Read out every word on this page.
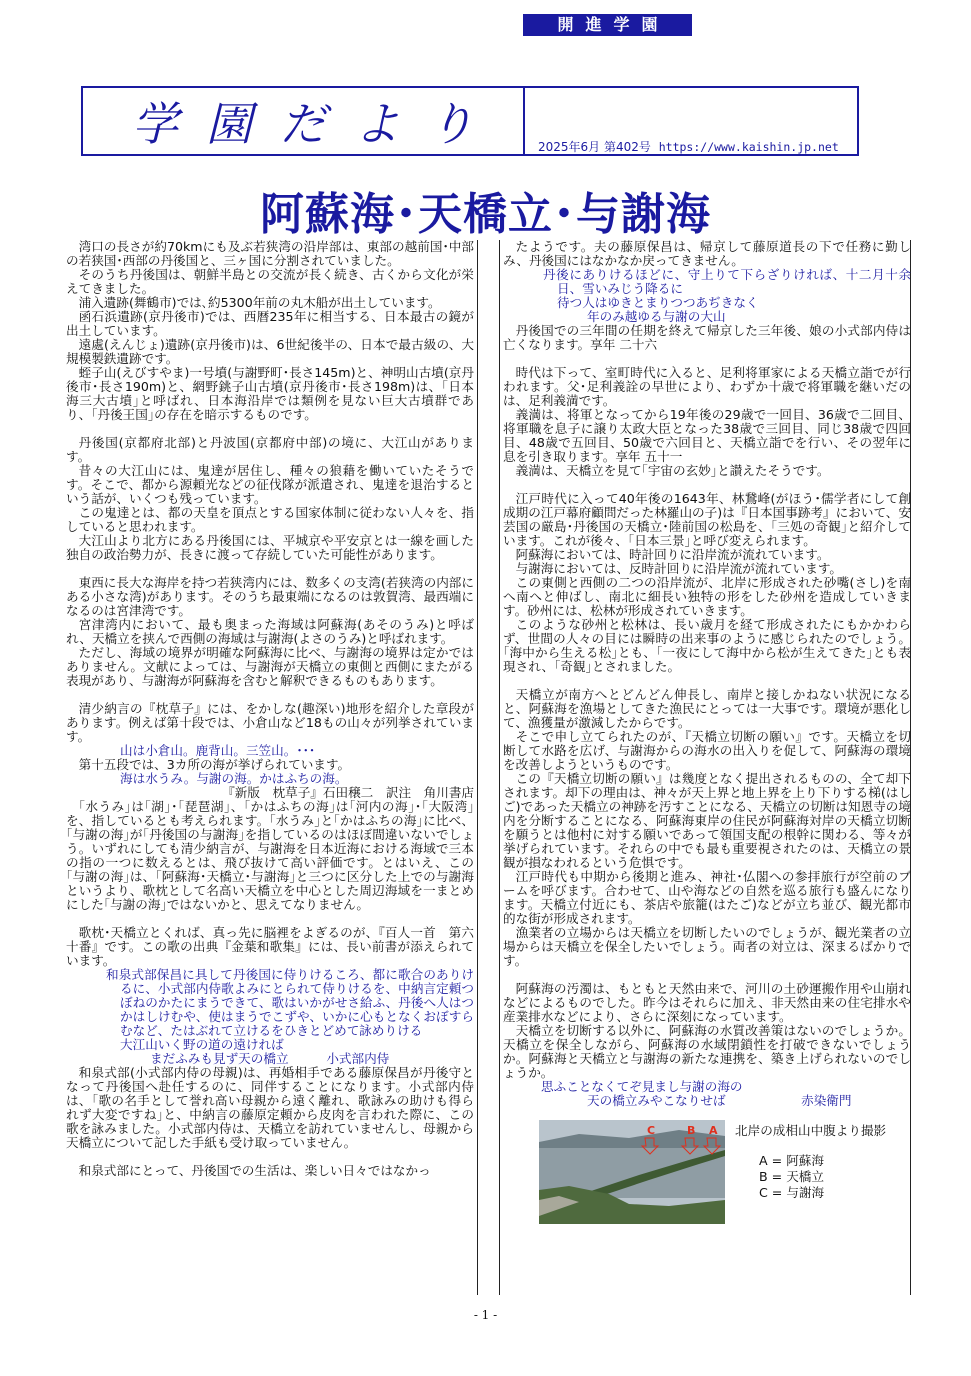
学園だより
開進学園
2025年6月 第402号 https://www.kaishin.jp.net
阿蘇海･天橋立･与謝海

湾口の長さが約70kmにも及ぶ若狭湾の沿岸部は、東部の越前国･中部の若狭国･西部の丹後国と、三ヶ国に分割されていました。

そのうち丹後国は、朝鮮半島との交流が長く続き、古くから文化が栄えてきました。

浦入遺跡(舞鶴市)では､約5300年前の丸木船が出土しています。

函石浜遺跡(京丹後市)では、西暦235年に相当する、日本最古の鏡が出土しています。

遠處(えんじょ)遺跡(京丹後市)は、6世紀後半の、日本で最古級の、大規模製鉄遺跡です。

蛭子山(えびすやま)一号墳(与謝野町･長さ145m)と、神明山古墳(京丹後市･長さ190m)と、網野銚子山古墳(京丹後市･長さ198m)は、｢日本海三大古墳｣と呼ばれ、日本海沿岸では類例を見ない巨大古墳群であり、｢丹後王国｣の存在を暗示するものです。

丹後国(京都府北部)と丹波国(京都府中部)の境に、大江山があります。

昔々の大江山には、鬼達が居住し、種々の狼藉を働いていたそうです。そこで、都から源頼光などの征伐隊が派遣され、鬼達を退治するという話が、いくつも残っています。

この鬼達とは、都の天皇を頂点とする国家体制に従わない人々を、指していると思われます。

大江山より北方にある丹後国には、平城京や平安京とは一線を画した独自の政治勢力が、長きに渡って存続していた可能性があります。

東西に長大な海岸を持つ若狭湾内には、数多くの支湾(若狭湾の内部にある小さな湾)があります。そのうち最東端になるのは敦賀湾、最西端になるのは宮津湾です。

宮津湾内において、最も奥まった海域は阿蘇海(あそのうみ)と呼ばれ、天橋立を挟んで西側の海域は与謝海(よさのうみ)と呼ばれます。

ただし、海域の境界が明確な阿蘇海に比べ、与謝海の境界は定かではありません。文献によっては、与謝海が天橋立の東側と西側にまたがる表現があり、与謝海が阿蘇海を含むと解釈できるものもあります。

清少納言の『枕草子』には、をかしな(趣深い)地形を紹介した章段があります。例えば第十段では、小倉山など18もの山々が列挙されています。

山は小倉山。鹿背山。三笠山。･･･

第十五段では、3カ所の海が挙げられています。

海は水うみ。与謝の海。かはふちの海。

『新版　枕草子』石田穣二　訳注　角川書店

｢水うみ｣は｢湖｣･｢琵琶湖｣、｢かはふちの海｣は｢河内の海｣･｢大阪湾｣を、指しているとも考えられます。｢水うみ｣と｢かはふちの海｣に比べ、｢与謝の海｣が｢丹後国の与謝海｣を指しているのはほぼ間違いないでしょう。いずれにしても清少納言が、与謝海を日本近海における海域で三本の指の一つに数えるとは、飛び抜けて高い評価です。とはいえ、この｢与謝の海｣は、｢阿蘇海･天橋立･与謝海｣と三つに区分した上での与謝海というより、歌枕として名高い天橋立を中心とした周辺海域を一まとめにした｢与謝の海｣ではないかと、思えてなりません。

歌枕･天橋立とくれば、真っ先に脳裡をよぎるのが、『百人一首　第六十番』です。この歌の出典『金葉和歌集』には、長い前書が添えられています。

和泉式部保昌に具して丹後国に侍りけるころ、都に歌合のありけるに、小式部内侍歌よみにとられて侍りけるを、中納言定頼つぼねのかたにまうできて、歌はいかがせさ給ふ、丹後へ人はつかはしけむや、使はまうでこずや、いかに心もとなくおぼすらむなど、たはぶれて立けるをひきとどめて詠めりける

大江山いく野の道の遠ければ

まだふみも見ず天の橋立　　　小式部内侍

和泉式部(小式部内侍の母親)は、再婚相手である藤原保昌が丹後守となって丹後国へ赴任するのに、同伴することになります。小式部内侍は、｢歌の名手として誉れ高い母親から遠く離れ、歌詠みの助けも得られず大変ですね｣と、中納言の藤原定頼から皮肉を言われた際に、この歌を詠みました。小式部内侍は、天橋立を訪れていませんし、母親から天橋立について記した手紙も受け取っていません。

和泉式部にとって、丹後国での生活は、楽しい日々ではなかっ

たようです。夫の藤原保昌は、帰京して藤原道長の下で任務に勤しみ、丹後国にはなかなか戻ってきません。

丹後にありけるほどに、守上りて下らざりければ、十二月十余日、雪いみじう降るに

待つ人はゆきとまりつつあぢきなく

年のみ越ゆる与謝の大山

丹後国での三年間の任期を終えて帰京した三年後、娘の小式部内侍は亡くなります。享年 二十六

時代は下って、室町時代に入ると、足利将軍家による天橋立詣でが行われます。父･足利義詮の早世により、わずか十歳で将軍職を継いだのは、足利義満です。

義満は、将軍となってから19年後の29歳で一回目、36歳で二回目、将軍職を息子に譲り太政大臣となった38歳で三回目、同じ38歳で四回目、48歳で五回目、50歳で六回目と、天橋立詣でを行い、その翌年に息を引き取ります。享年 五十一

義満は、天橋立を見て｢宇宙の玄妙｣と讃えたそうです。

江戸時代に入って40年後の1643年、林鵞峰(がほう･儒学者にして創成期の江戸幕府顧問だった林羅山の子)は『日本国事跡考』において、安芸国の厳島･丹後国の天橋立･陸前国の松島を、｢三処の奇観｣と紹介しています。これが後々、｢日本三景｣と呼び変えられます。

阿蘇海においては、時計回りに沿岸流が流れています。

与謝海においては、反時計回りに沿岸流が流れています。

この東側と西側の二つの沿岸流が、北岸に形成された砂嘴(さし)を南へ南へと伸ばし、南北に細長い独特の形をした砂州を造成していきます。砂州には、松林が形成されていきます。

このような砂州と松林は、長い歳月を経て形成されたにもかかわらず、世間の人々の目には瞬時の出来事のように感じられたのでしょう。｢海中から生える松｣とも、｢一夜にして海中から松が生えてきた｣とも表現され、｢奇観｣とされました。

天橋立が南方へとどんどん伸長し、南岸と接しかねない状況になると、阿蘇海を漁場としてきた漁民にとっては一大事です。環境が悪化して、漁獲量が激減したからです。

そこで申し立てられたのが、『天橋立切断の願い』です。天橋立を切断して水路を広げ、与謝海からの海水の出入りを促して、阿蘇海の環境を改善しようというものです。

この『天橋立切断の願い』は幾度となく提出されるものの、全て却下されます。却下の理由は、神々が天上界と地上界を上り下りする梯(はしご)であった天橋立の神跡を汚すことになる、天橋立の切断は知恩寺の境内を分断することになる、阿蘇海東岸の住民が阿蘇海対岸の天橋立切断を願うとは他村に対する願いであって領国支配の根幹に関わる、等々が挙げられています。それらの中でも最も重要視されたのは、天橋立の景観が損なわれるという危惧です。

江戸時代も中期から後期と進み、神社･仏閣への参拝旅行が空前のブームを呼びます。合わせて、山や海などの自然を巡る旅行も盛んになります。天橋立付近にも、茶店や旅籠(はたご)などが立ち並び、観光都市的な街が形成されます。

漁業者の立場からは天橋立を切断したいのでしょうが、観光業者の立場からは天橋立を保全したいでしょう。両者の対立は、深まるばかりです。

阿蘇海の汚濁は、もともと天然由来で、河川の土砂運搬作用や山崩れなどによるものでした。昨今はそれらに加え、非天然由来の住宅排水や産業排水などにより、さらに深刻になっています。

天橋立を切断する以外に、阿蘇海の水質改善策はないのでしょうか。天橋立を保全しながら、阿蘇海の水域閉鎖性を打破できないでしょうか。阿蘇海と天橋立と与謝海の新たな連携を、築き上げられないのでしょうか。

思ふことなくてぞ見まし与謝の海の

天の橋立みやこなりせば　　　　　　赤染衛門

C	B A 北岸の成相山中腹より撮影
A = 阿蘇海
B = 天橋立
C = 与謝海
- 1 -
